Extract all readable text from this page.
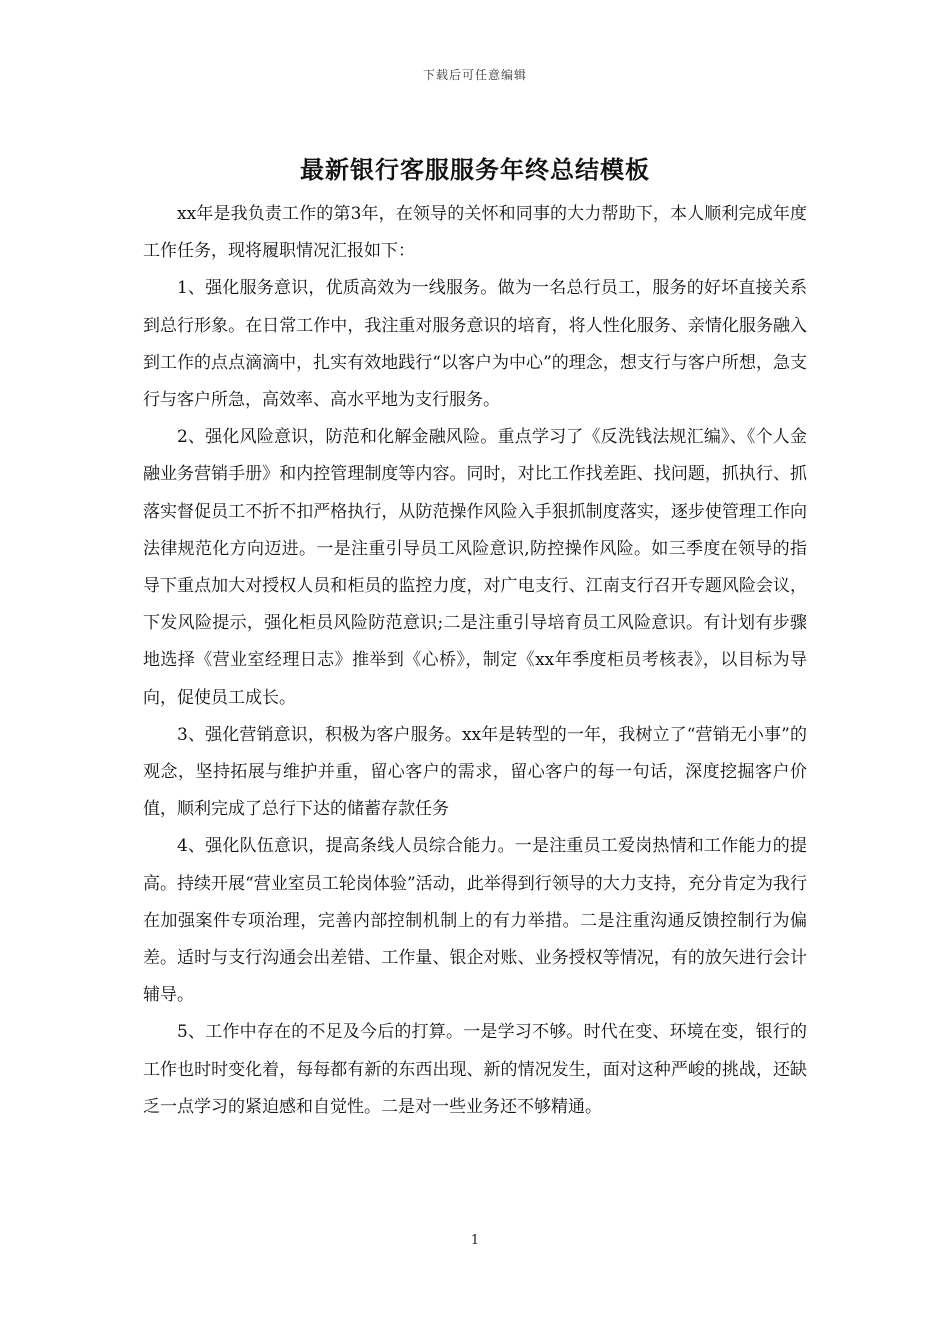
下载后可任意编辑
最新银行客服服务年终总结模板

xx年是我负责工作的第3年，在领导的关怀和同事的大力帮助下，本人顺利完成年度工作任务，现将履职情况汇报如下：

1、强化服务意识，优质高效为一线服务。做为一名总行员工，服务的好坏直接关系到总行形象。在日常工作中，我注重对服务意识的培育，将人性化服务、亲情化服务融入到工作的点点滴滴中，扎实有效地践行“以客户为中心”的理念，想支行与客户所想，急支行与客户所急，高效率、高水平地为支行服务。

2、强化风险意识，防范和化解金融风险。重点学习了《反洗钱法规汇编》、《个人金融业务营销手册》和内控管理制度等内容。同时，对比工作找差距、找问题，抓执行、抓落实督促员工不折不扣严格执行，从防范操作风险入手狠抓制度落实，逐步使管理工作向法律规范化方向迈进。一是注重引导员工风险意识,防控操作风险。如三季度在领导的指导下重点加大对授权人员和柜员的监控力度，对广电支行、江南支行召开专题风险会议，下发风险提示，强化柜员风险防范意识;二是注重引导培育员工风险意识。有计划有步骤地选择《营业室经理日志》推举到《心桥》，制定《xx年季度柜员考核表》，以目标为导向，促使员工成长。

3、强化营销意识，积极为客户服务。xx年是转型的一年，我树立了“营销无小事”的观念，坚持拓展与维护并重，留心客户的需求，留心客户的每一句话，深度挖掘客户价值，顺利完成了总行下达的储蓄存款任务

4、强化队伍意识，提高条线人员综合能力。一是注重员工爱岗热情和工作能力的提高。持续开展“营业室员工轮岗体验”活动，此举得到行领导的大力支持，充分肯定为我行在加强案件专项治理，完善内部控制机制上的有力举措。二是注重沟通反馈控制行为偏差。适时与支行沟通会出差错、工作量、银企对账、业务授权等情况，有的放矢进行会计辅导。

5、工作中存在的不足及今后的打算。一是学习不够。时代在变、环境在变，银行的工作也时时变化着，每每都有新的东西出现、新的情况发生，面对这种严峻的挑战，还缺乏一点学习的紧迫感和自觉性。二是对一些业务还不够精通。

1
